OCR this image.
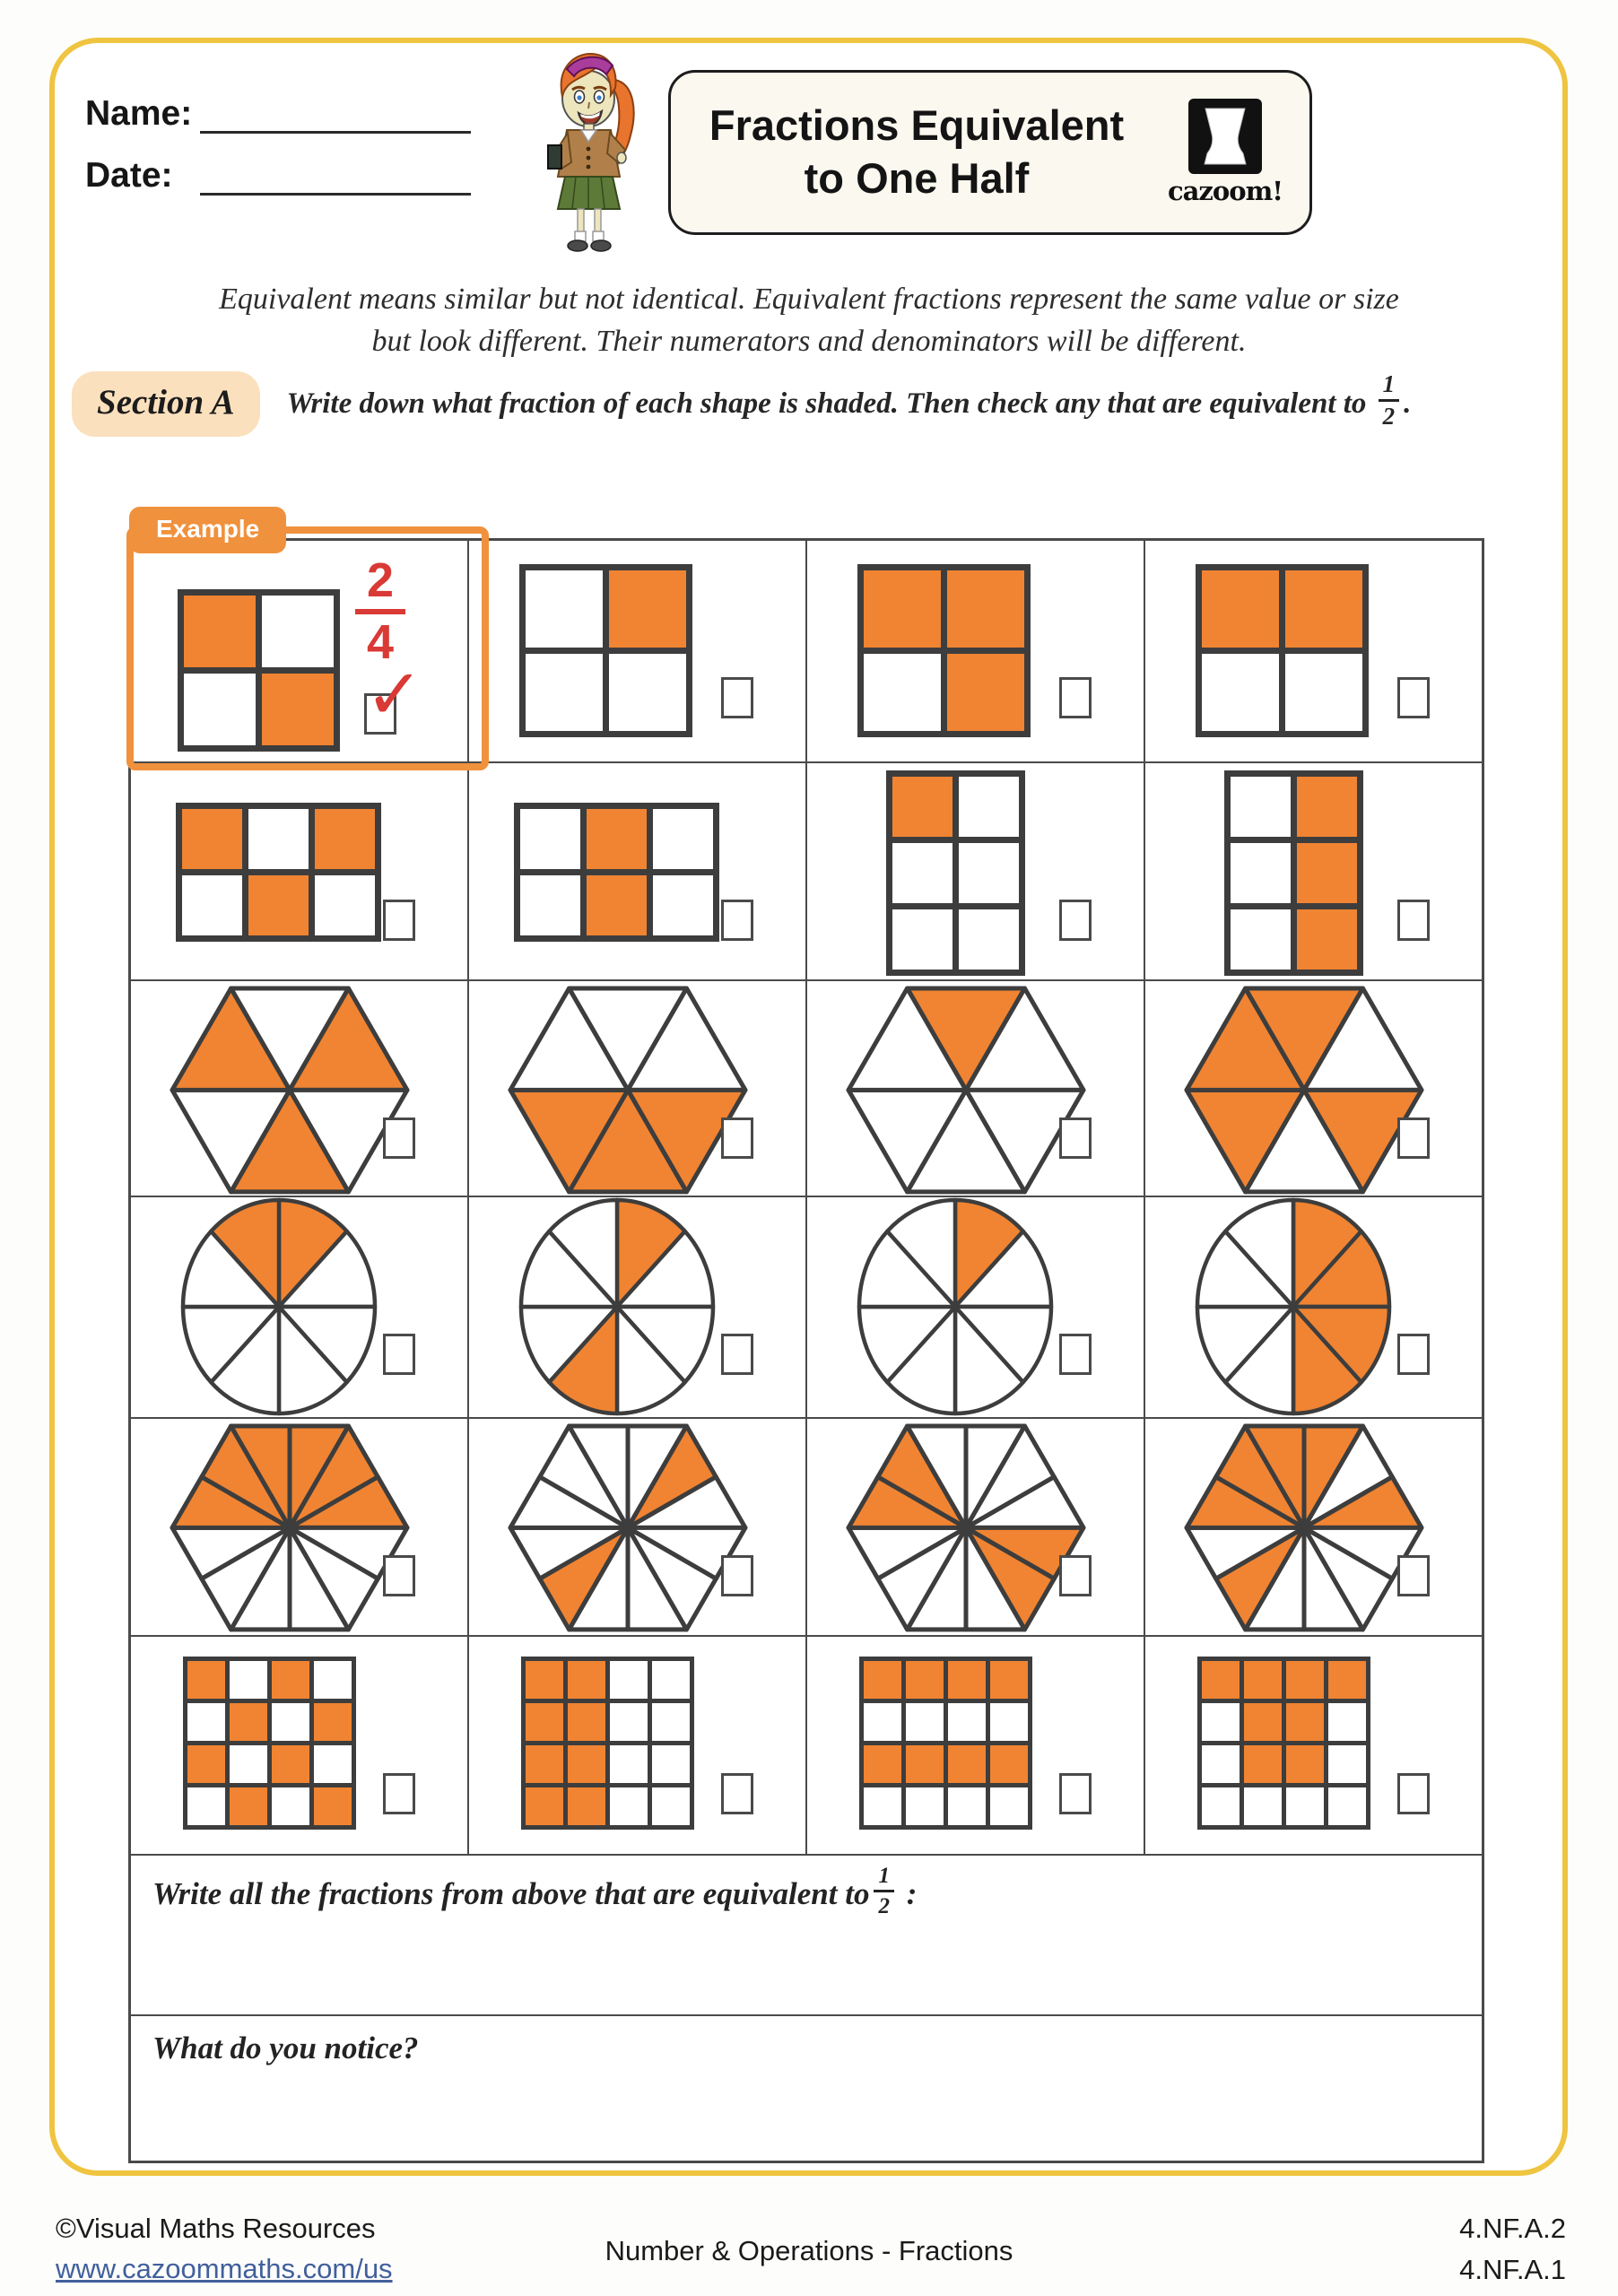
Name:
Date:
Fractions Equivalent
to One Half	cazoom!
Equivalent means similar but not identical. Equivalent fractions represent the same value or size
but look different. Their numerators and denominators will be different.
Section A	Write down what fraction of each shape is shaded. Then check any that are equivalent to $\frac{1}{2}$ .
✓
Example
$\frac{2}{4}$
Write all the fractions from above that are equivalent to $\frac{1}{2}$ :
What do you notice?
©Visual Maths Resources
www.cazoommaths.com/us
Number & Operations - Fractions
4.NF.A.2
4.NF.A.1
